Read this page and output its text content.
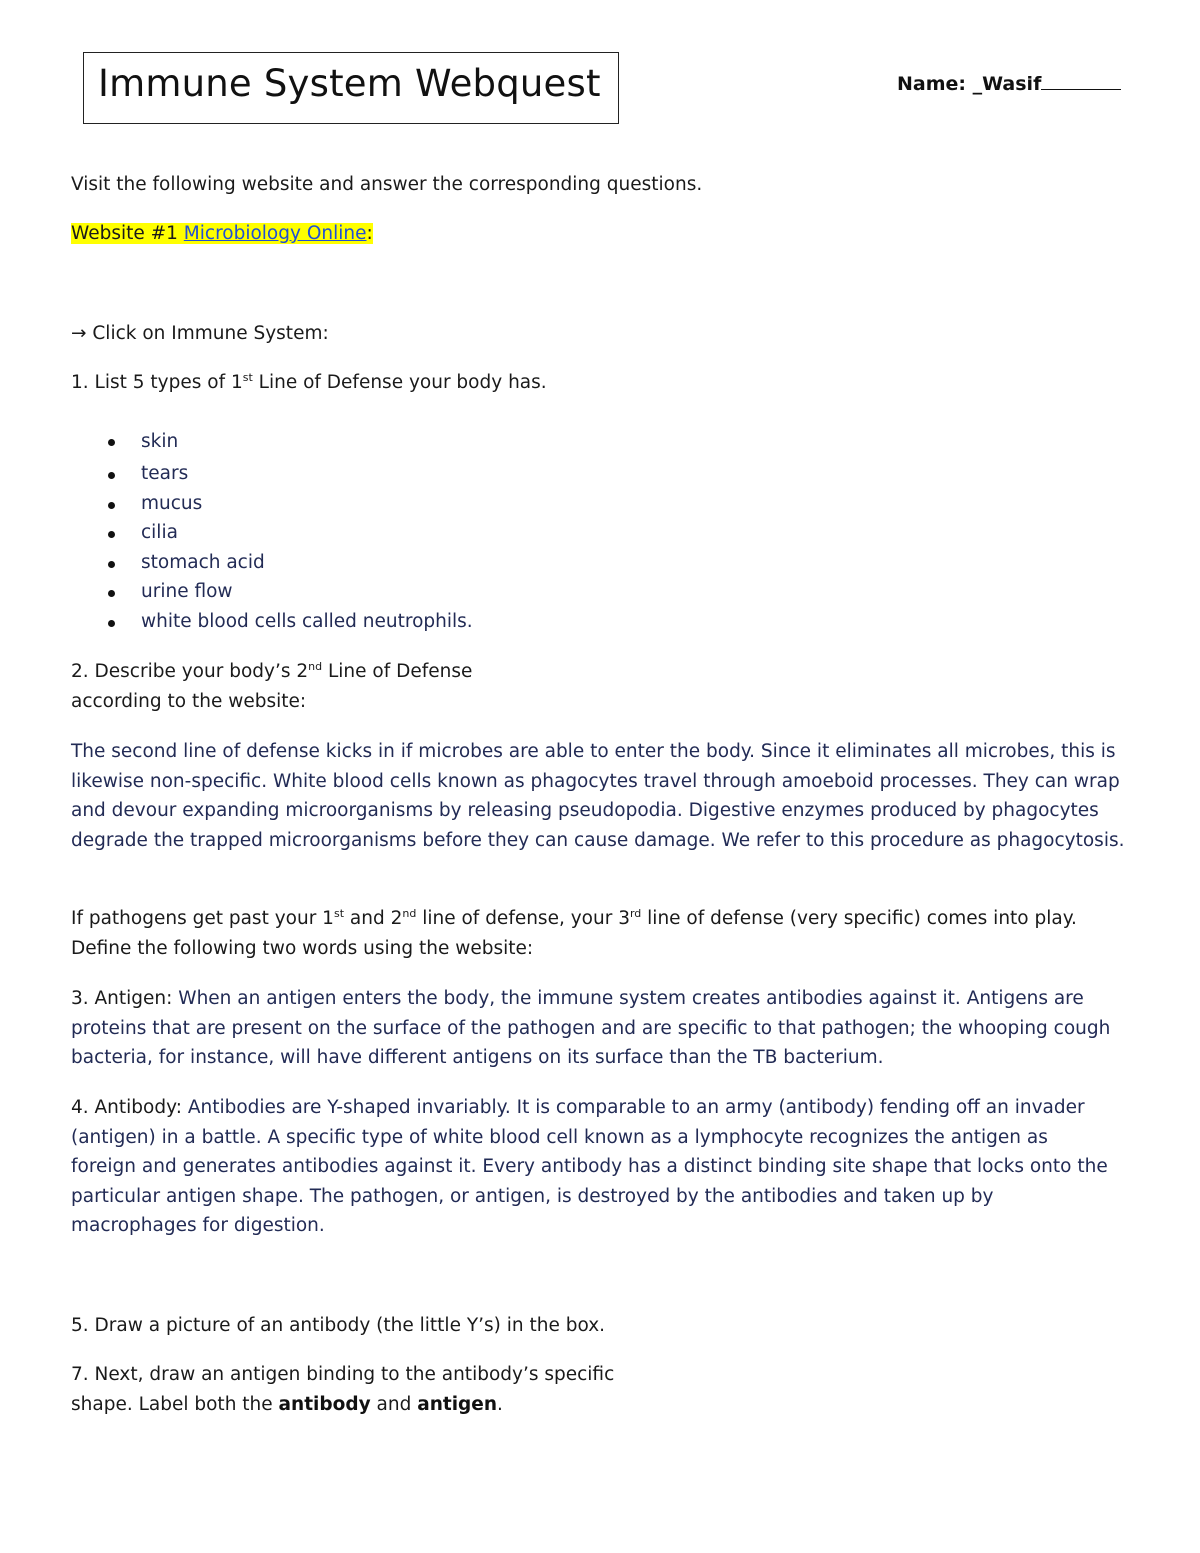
Immune System Webquest	Name: _Wasif
Visit the following website and answer the corresponding questions.
Website #1 Microbiology Online:
→ Click on Immune System:
1. List 5 types of 1st Line of Defense your body has.
skin
tears
mucus
cilia
stomach acid
urine flow
white blood cells called neutrophils.
2. Describe your body’s 2nd Line of Defense
according to the website:
The second line of defense kicks in if microbes are able to enter the body. Since it eliminates all microbes, this is likewise non-specific. White blood cells known as phagocytes travel through amoeboid processes. They can wrap and devour expanding microorganisms by releasing pseudopodia. Digestive enzymes produced by phagocytes degrade the trapped microorganisms before they can cause damage. We refer to this procedure as phagocytosis.
If pathogens get past your 1st and 2nd line of defense, your 3rd line of defense (very specific) comes into play. Define the following two words using the website:
3. Antigen: When an antigen enters the body, the immune system creates antibodies against it. Antigens are proteins that are present on the surface of the pathogen and are specific to that pathogen; the whooping cough bacteria, for instance, will have different antigens on its surface than the TB bacterium.
4. Antibody: Antibodies are Y-shaped invariably. It is comparable to an army (antibody) fending off an invader (antigen) in a battle. A specific type of white blood cell known as a lymphocyte recognizes the antigen as foreign and generates antibodies against it. Every antibody has a distinct binding site shape that locks onto the particular antigen shape. The pathogen, or antigen, is destroyed by the antibodies and taken up by macrophages for digestion.
5. Draw a picture of an antibody (the little Y’s) in the box.
7. Next, draw an antigen binding to the antibody’s specific
shape. Label both the antibody and antigen.
